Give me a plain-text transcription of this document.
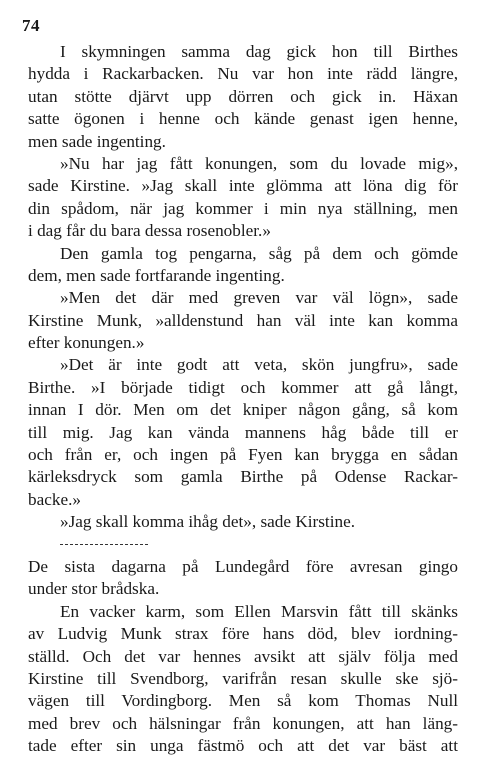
74
I skymningen samma dag gick hon till Birthes
hydda i Rackarbacken. Nu var hon inte rädd längre,
utan stötte djärvt upp dörren och gick in. Häxan
satte ögonen i henne och kände genast igen henne,
men sade ingenting.
»Nu har jag fått konungen, som du lovade mig»,
sade Kirstine. »Jag skall inte glömma att löna dig för
din spådom, när jag kommer i min nya ställning, men
i dag får du bara dessa rosenobler.»
Den gamla tog pengarna, såg på dem och gömde
dem, men sade fortfarande ingenting.
»Men det där med greven var väl lögn», sade
Kirstine Munk, »alldenstund han väl inte kan komma
efter konungen.»
»Det är inte godt att veta, skön jungfru», sade
Birthe. »I började tidigt och kommer att gå långt,
innan I dör. Men om det kniper någon gång, så kom
till mig. Jag kan vända mannens håg både till er
och från er, och ingen på Fyen kan brygga en sådan
kärleksdryck som gamla Birthe på Odense Rackar-
backe.»
»Jag skall komma ihåg det», sade Kirstine.
De sista dagarna på Lundegård före avresan gingo
under stor brådska.
En vacker karm, som Ellen Marsvin fått till skänks
av Ludvig Munk strax före hans död, blev iordning-
ställd. Och det var hennes avsikt att själv följa med
Kirstine till Svendborg, varifrån resan skulle ske sjö-
vägen till Vordingborg. Men så kom Thomas Null
med brev och hälsningar från konungen, att han läng-
tade efter sin unga fästmö och att det var bäst att
